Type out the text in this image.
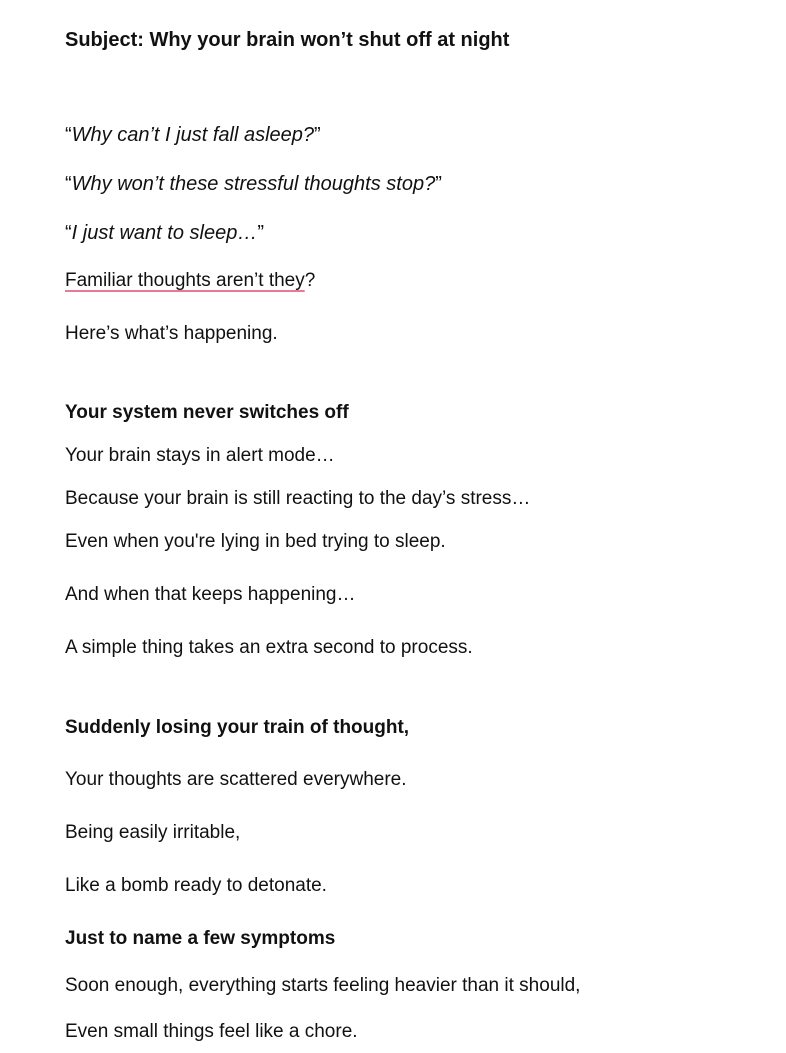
Subject: Why your brain won’t shut off at night

“Why can’t I just fall asleep?”

“Why won’t these stressful thoughts stop?”

“I just want to sleep…”

Familiar thoughts aren’t they?

Here’s what’s happening.

Your system never switches off

Your brain stays in alert mode…

Because your brain is still reacting to the day’s stress…

Even when you're lying in bed trying to sleep.

And when that keeps happening…

A simple thing takes an extra second to process.

Suddenly losing your train of thought,

Your thoughts are scattered everywhere.

Being easily irritable,

Like a bomb ready to detonate.

Just to name a few symptoms

Soon enough, everything starts feeling heavier than it should,

Even small things feel like a chore.
